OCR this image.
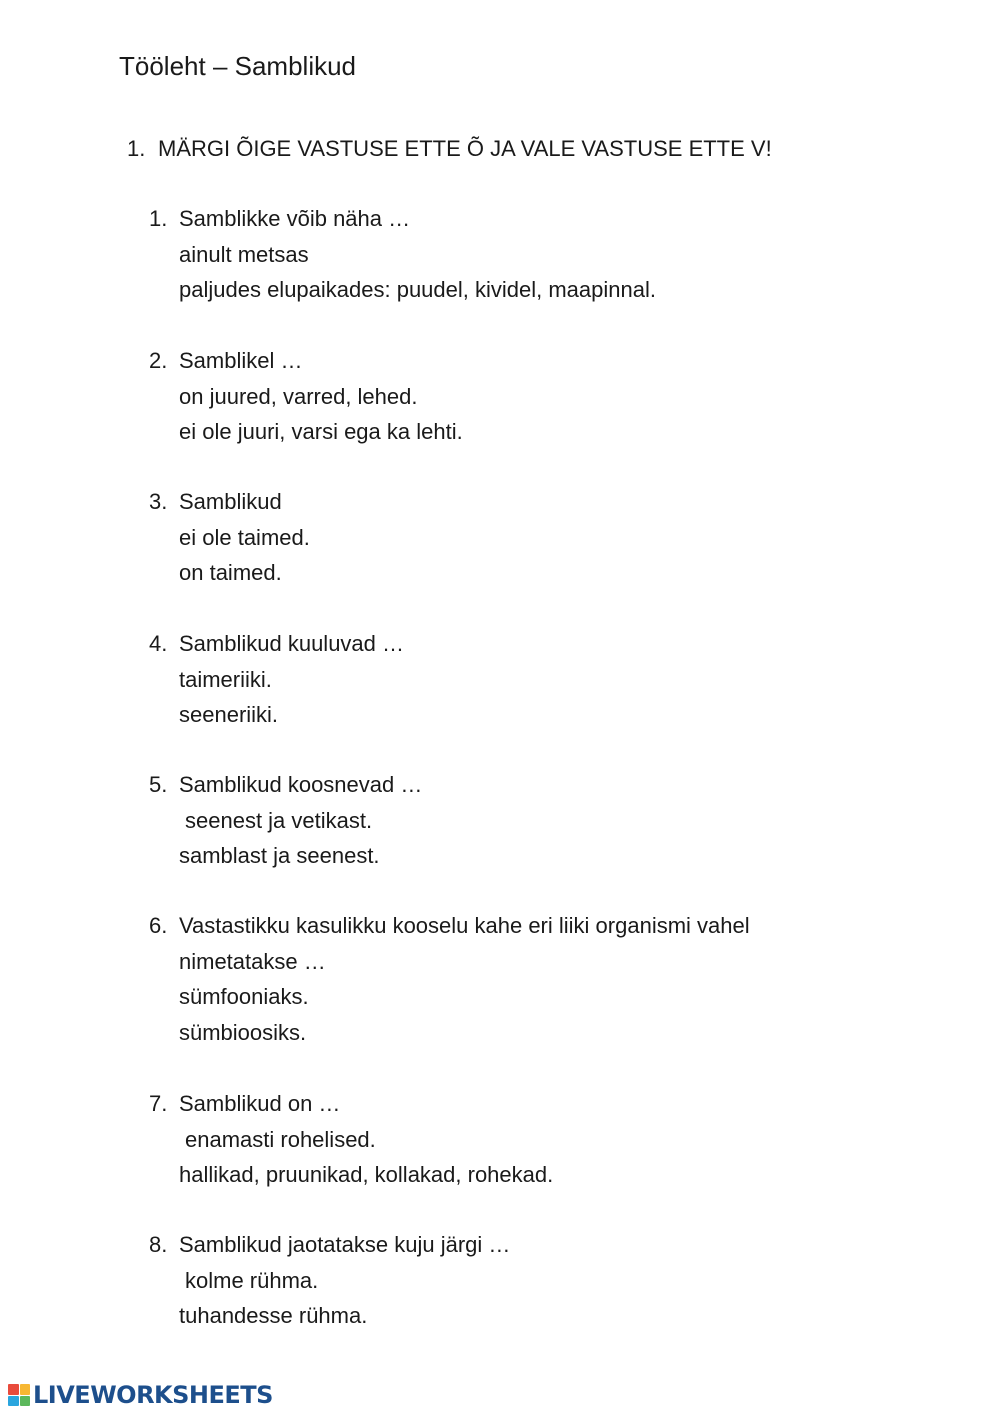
Tööleht – Samblikud
1. MÄRGI ÕIGE VASTUSE ETTE Õ JA VALE VASTUSE ETTE V!
1. Samblikke võib näha …
ainult metsas
paljudes elupaikades: puudel, kividel, maapinnal.
2. Samblikel …
on juured, varred, lehed.
ei ole juuri, varsi ega ka lehti.
3. Samblikud
ei ole taimed.
on taimed.
4. Samblikud kuuluvad …
taimeriiki.
seeneriiki.
5. Samblikud koosnevad …
seenest ja vetikast.
samblast ja seenest.
6. Vastastikku kasulikku kooselu kahe eri liiki organismi vahel
nimetatakse …
sümfooniaks.
sümbioosiks.
7. Samblikud on …
enamasti rohelised.
hallikad, pruunikad, kollakad, rohekad.
8. Samblikud jaotatakse kuju järgi …
kolme rühma.
tuhandesse rühma.
LIVEWORKSHEETS
